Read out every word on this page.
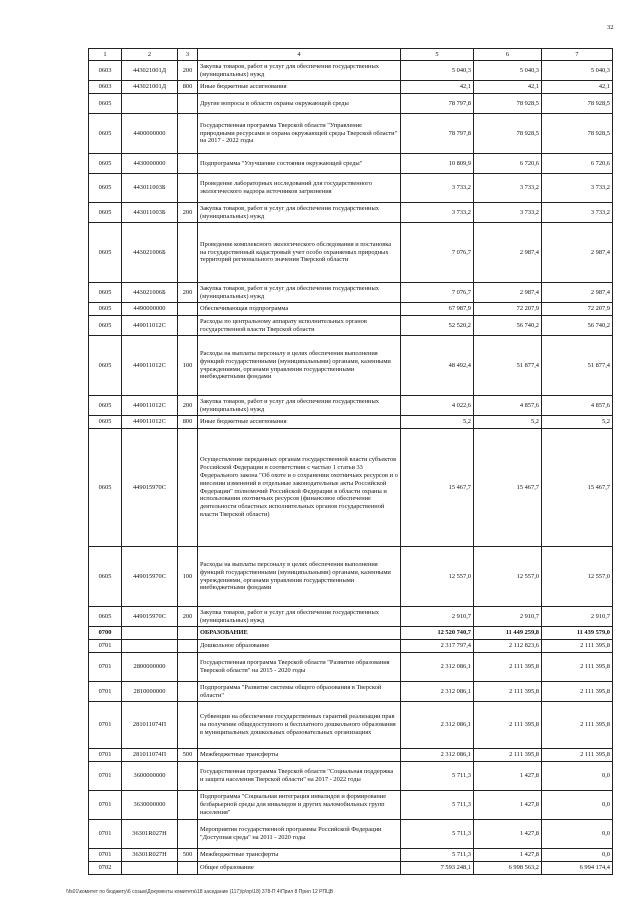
32
1	2	3	4	5	6	7
0603	443021001Д	200	Закупка товаров, работ и услуг для обеспечения государственных (муниципальных) нужд	5 040,3	5 040,3	5 040,3
0603	443021001Д	800	Иные бюджетные ассигнования	42,1	42,1	42,1
0605			Другие вопросы в области охраны окружающей среды	78 797,8	78 928,5	78 928,5
0605	4400000000		Государственная программа Тверской области "Управление природными ресурсами и охрана окружающей среды Тверской области" на 2017 - 2022 годы	78 797,8	78 928,5	78 928,5
0605	4430000000		Подпрограмма "Улучшение состояния окружающей среды"	10 809,9	6 720,6	6 720,6
0605	443011003Б		Проведение лабораторных исследований для государственного экологического надзора источников загрязнения	3 733,2	3 733,2	3 733,2
0605	443011003Б	200	Закупка товаров, работ и услуг для обеспечения государственных (муниципальных) нужд	3 733,2	3 733,2	3 733,2
0605	443021006Б		Проведение комплексного экологического обследования и постановка на государственный кадастровый учет особо охраняемых природных территорий регионального значения Тверской области	7 076,7	2 987,4	2 987,4
0605	443021006Б	200	Закупка товаров, работ и услуг для обеспечения государственных (муниципальных) нужд	7 076,7	2 987,4	2 987,4
0605	4490000000		Обеспечивающая подпрограмма	67 987,9	72 207,9	72 207,9
0605	449011012С		Расходы по центральному аппарату исполнительных органов государственной власти Тверской области	52 520,2	56 740,2	56 740,2
0605	449011012С	100	Расходы на выплаты персоналу в целях обеспечения выполнения функций государственными (муниципальными) органами, казенными учреждениями, органами управления государственными внебюджетными фондами	48 492,4	51 877,4	51 877,4
0605	449011012С	200	Закупка товаров, работ и услуг для обеспечения государственных (муниципальных) нужд	4 022,6	4 857,6	4 857,6
0605	449011012С	800	Иные бюджетные ассигнования	5,2	5,2	5,2
0605	449015970С		Осуществление переданных органам государственной власти субъектов Российской Федерации в соответствии с частью 1 статьи 33 Федерального закона "Об охоте и о сохранении охотничьих ресурсов и о внесении изменений в отдельные законодательные акты Российской Федерации" полномочий Российской Федерации в области охраны и использования охотничьих ресурсов (финансовое обеспечение деятельности областных исполнительных органов государственной власти Тверской области)	15 467,7	15 467,7	15 467,7
0605	449015970С	100	Расходы на выплаты персоналу в целях обеспечения выполнения функций государственными (муниципальными) органами, казенными учреждениями, органами управления государственными внебюджетными фондами	12 557,0	12 557,0	12 557,0
0605	449015970С	200	Закупка товаров, работ и услуг для обеспечения государственных (муниципальных) нужд	2 910,7	2 910,7	2 910,7
0700			ОБРАЗОВАНИЕ	12 520 740,7	11 449 259,8	11 439 579,0
0701			Дошкольное образование	2 317 797,4	2 112 823,6	2 111 395,8
0701	2800000000		Государственная программа Тверской области "Развитие образования Тверской области" на 2015 - 2020 годы	2 312 086,1	2 111 395,8	2 111 395,8
0701	2810000000		Подпрограмма "Развитие системы общего образования в Тверской области"	2 312 086,1	2 111 395,8	2 111 395,8
0701	281011074П		Субвенции на обеспечение государственных гарантий реализации прав на получение общедоступного и бесплатного дошкольного образования в муниципальных дошкольных образовательных организациях	2 312 086,1	2 111 395,8	2 111 395,8
0701	281011074П	500	Межбюджетные трансферты	2 312 086,1	2 111 395,8	2 111 395,8
0701	3600000000		Государственная программа Тверской области "Социальная поддержка и защита населения Тверской области" на 2017 - 2022 годы	5 711,3	1 427,8	0,0
0701	3630000000		Подпрограмма "Социальная интеграция инвалидов и формирование безбарьерной среды для инвалидов и других маломобильных групп населения"	5 711,3	1 427,8	0,0
0701	36301R027Н		Мероприятия государственной программы Российской Федерации "Доступная среда" на 2011 - 2020 годы	5 711,3	1 427,8	0,0
0701	36301R027Н	500	Межбюджетные трансферты	5 711,3	1 427,8	0,0
0702			Общее образование	7 593 248,1	6 998 563,2	6 994 174,4
\\fs01\комитет по бюджету\6 созыв\Документы комитета\18 заседание (117)\р\пр\18) 378-П 4\Прил 8 Прил 12 РПЦВ
